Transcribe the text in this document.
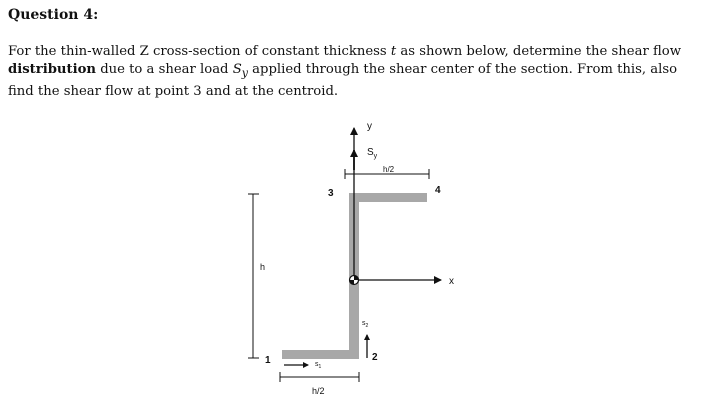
Question 4:
For the thin-walled Z cross-section of constant thickness t as shown below, determine the shear flow distribution due to a shear load $S_y$ applied through the shear center of the section. From this, also find the shear flow at point 3 and at the centroid.
y
x
$S_y$
h/2
h
h/2
$s_1$
$s_2$
1	2
3	4
